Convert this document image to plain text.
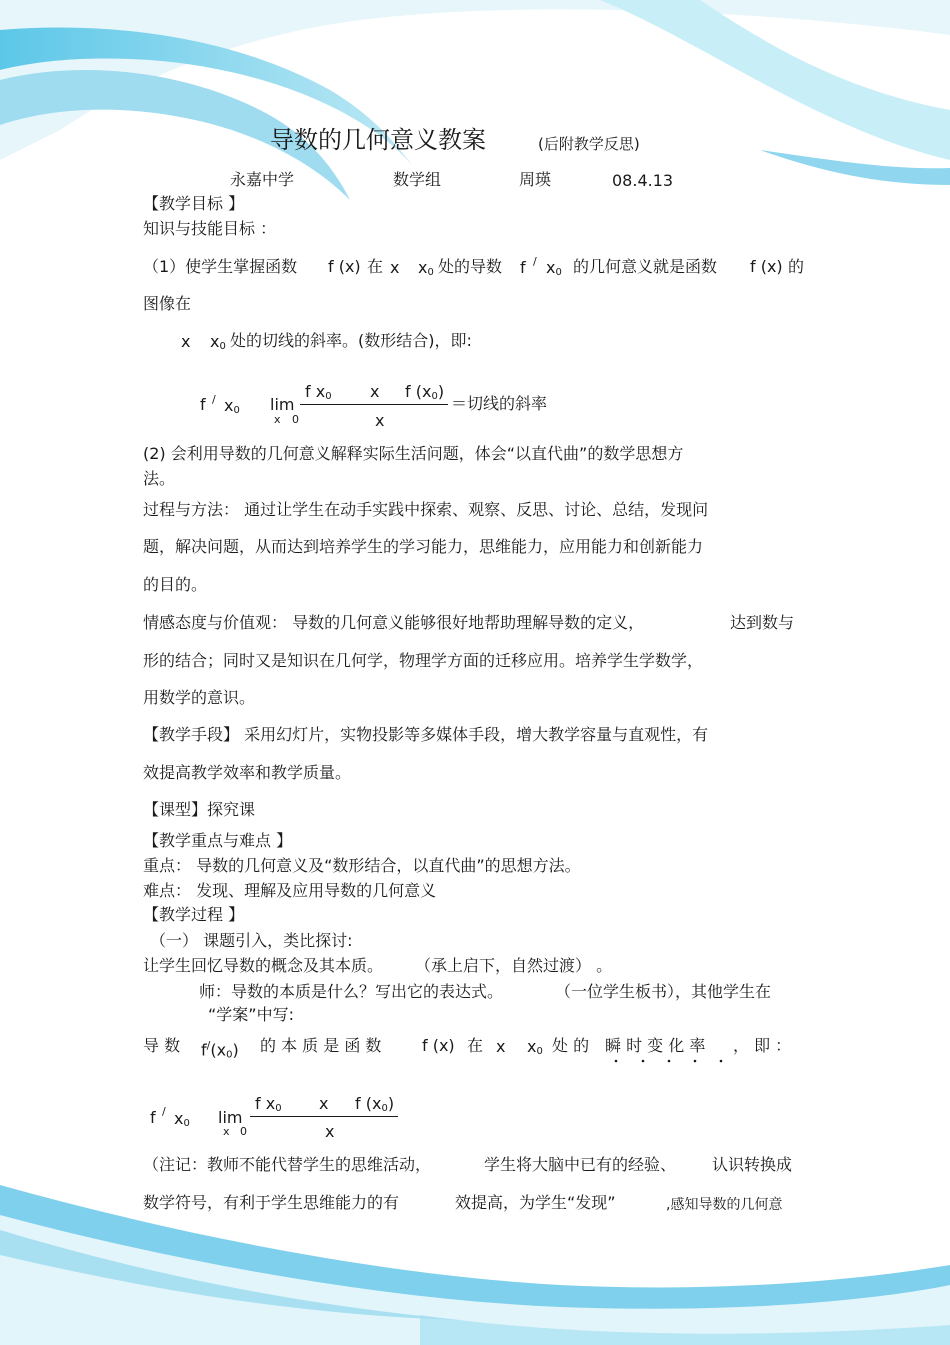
导数的几何意义教案	(后附教学反思)
永嘉中学	数学组	周瑛	08.4.13
【教学目标 】
知识与技能目标 ：
（1）使学生掌握函数 f (x) 在 x x0 处的导数 f / x0 的几何意义就是函数 f (x) 的
图像在
x x0 处的切线的斜率。(数形结合)，即:
f / x0 lim
x 0
f x0 x f (x0)
x
＝切线的斜率
(2) 会利用导数的几何意义解释实际生活问题，体会“以直代曲”的数学思想方
法。
过程与方法： 通过让学生在动手实践中探索、观察、反思、讨论、总结，发现问
题，解决问题，从而达到培养学生的学习能力，思维能力，应用能力和创新能力
的目的。
情感态度与价值观： 导数的几何意义能够很好地帮助理解导数的定义，	达到数与
形的结合；同时又是知识在几何学，物理学方面的迁移应用。培养学生学数学，
用数学的意识。
【教学手段】 采用幻灯片，实物投影等多媒体手段，增大教学容量与直观性，有
效提高教学效率和教学质量。
【课型】探究课
【教学重点与难点 】
重点： 导数的几何意义及“数形结合，以直代曲”的思想方法。
难点： 发现、理解及应用导数的几何意义
【教学过程 】
（一） 课题引入，类比探讨:
让学生回忆导数的概念及其本质。 （承上启下，自然过渡） 。
师：导数的本质是什么？写出它的表达式。	（一位学生板书），其他学生在
“学案”中写:
导 数 f/(x0) 的 本 质 是 函 数	f (x) 在 x x0 处 的 瞬 时 变 化 率 ， 即 ：
f / x0 lim
x 0
f x0 x f (x0)
x
（注记：教师不能代替学生的思维活动，	学生将大脑中已有的经验、 认识转换成
数学符号，有利于学生思维能力的有	效提高，为学生“发现”	,感知导数的几何意
